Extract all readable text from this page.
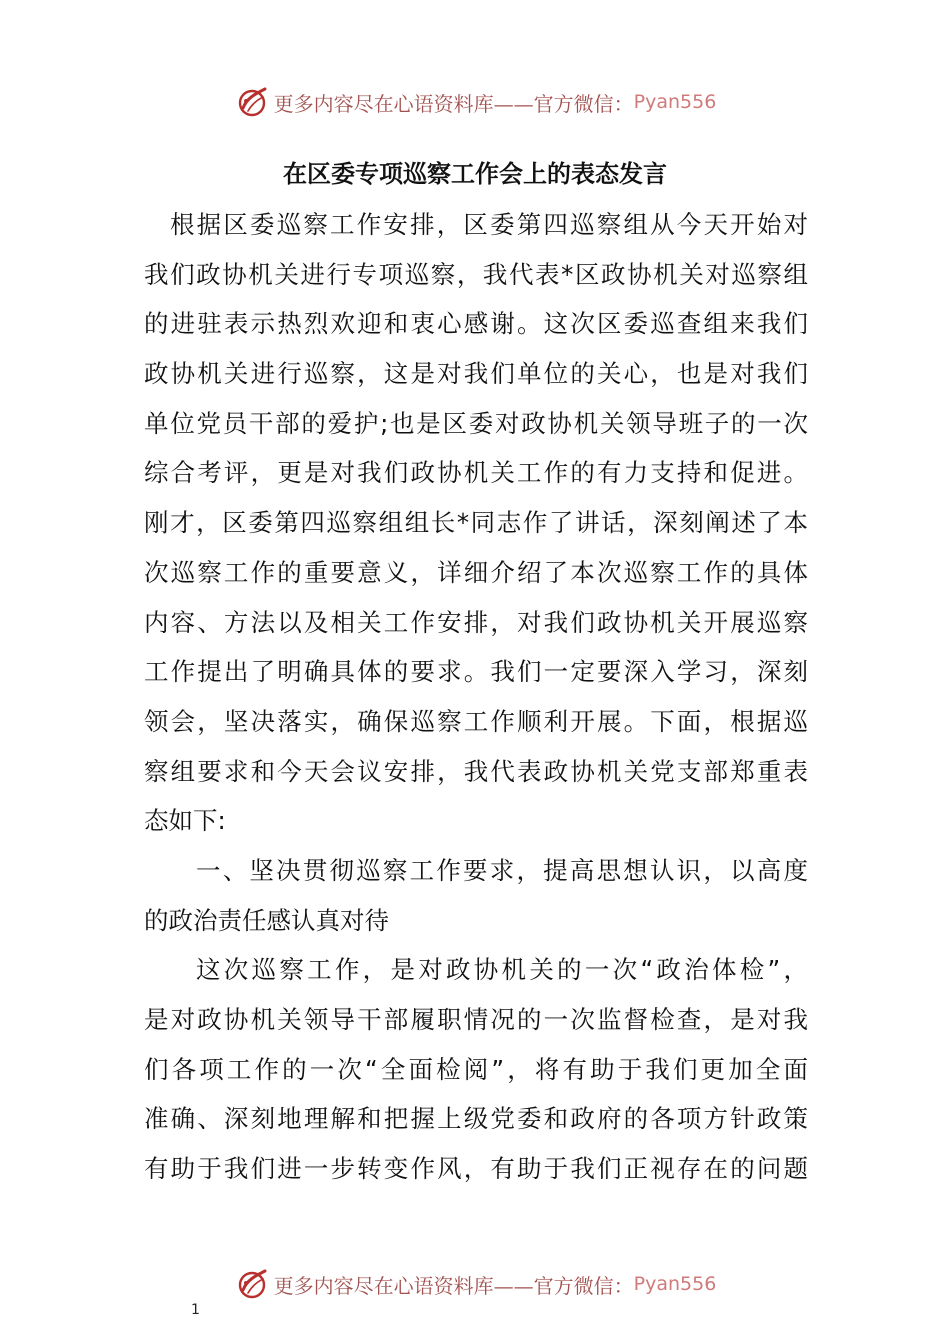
更多内容尽在心语资料库——官方微信： Pyan556
在区委专项巡察工作会上的表态发言
根据区委巡察工作安排，区委第四巡察组从今天开始对
我们政协机关进行专项巡察，我代表*区政协机关对巡察组
的进驻表示热烈欢迎和衷心感谢。这次区委巡查组来我们
政协机关进行巡察，这是对我们单位的关心，也是对我们
单位党员干部的爱护;也是区委对政协机关领导班子的一次
综合考评，更是对我们政协机关工作的有力支持和促进。
刚才，区委第四巡察组组长*同志作了讲话，深刻阐述了本
次巡察工作的重要意义，详细介绍了本次巡察工作的具体
内容、方法以及相关工作安排，对我们政协机关开展巡察
工作提出了明确具体的要求。我们一定要深入学习，深刻
领会，坚决落实，确保巡察工作顺利开展。下面，根据巡
察组要求和今天会议安排，我代表政协机关党支部郑重表
态如下:
一、坚决贯彻巡察工作要求，提高思想认识，以高度
的政治责任感认真对待
这次巡察工作，是对政协机关的一次“政治体检”，
是对政协机关领导干部履职情况的一次监督检查，是对我
们各项工作的一次“全面检阅”，将有助于我们更加全面
准确、深刻地理解和把握上级党委和政府的各项方针政策
有助于我们进一步转变作风，有助于我们正视存在的问题
更多内容尽在心语资料库——官方微信： Pyan556
1
